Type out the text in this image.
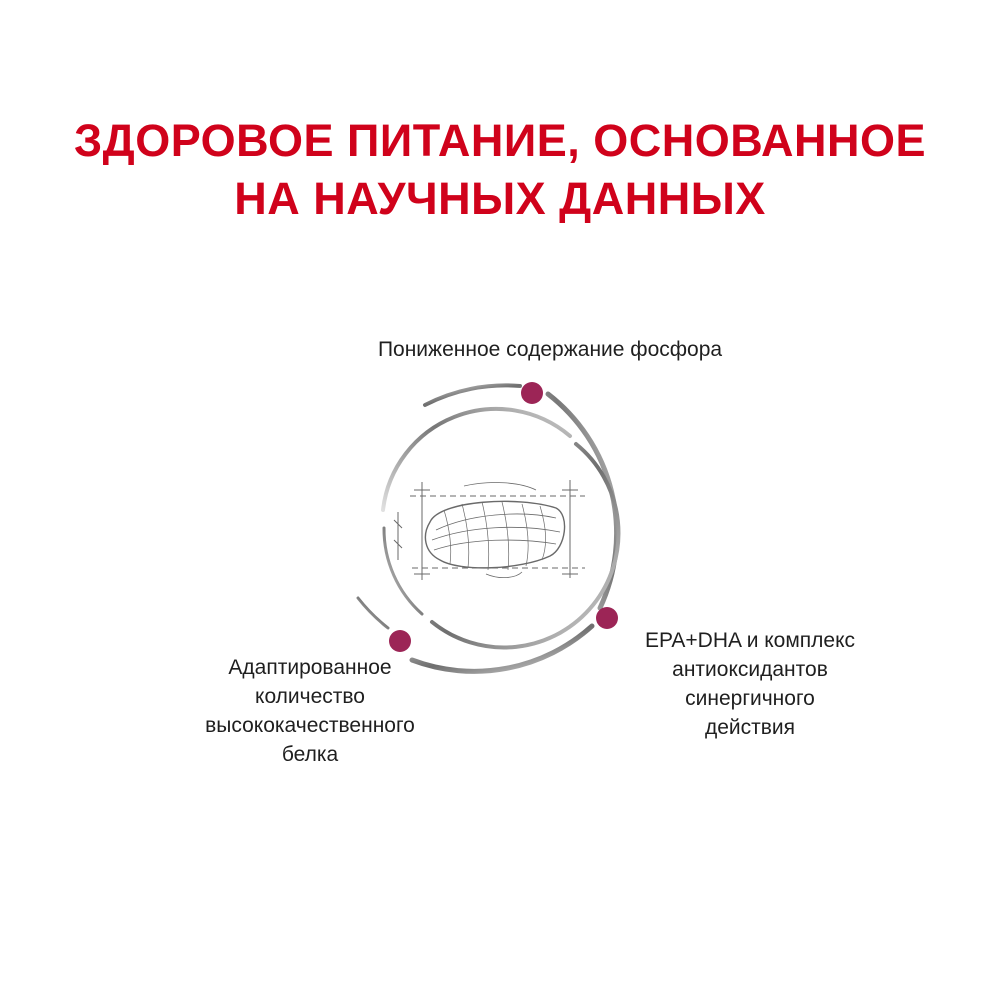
ЗДОРОВОЕ ПИТАНИЕ, ОСНОВАННОЕ
НА НАУЧНЫХ ДАННЫХ

Пониженное содержание фосфора

Адаптированное
количество
высококачественного
белка

EPA+DHA и комплекс
антиоксидантов
синергичного
действия
